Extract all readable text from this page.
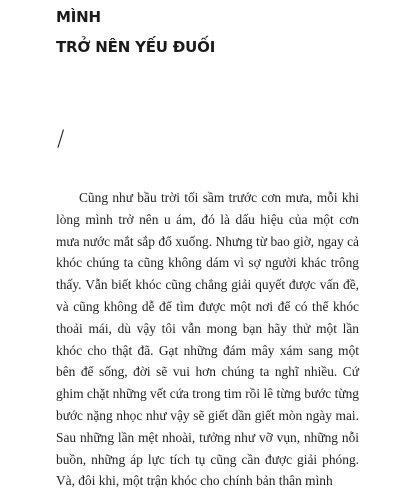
MÌNH
TRỞ NÊN YẾU ĐUỐI
/

Cũng như bầu trời tối sầm trước cơn mưa, mỗi khi lòng mình trở nên u ám, đó là dấu hiệu của một cơn mưa nước mắt sắp đổ xuống. Nhưng từ bao giờ, ngay cả khóc chúng ta cũng không dám vì sợ người khác trông thấy. Vẫn biết khóc cũng chẳng giải quyết được vấn đề, và cũng không dễ để tìm được một nơi để có thể khóc thoải mái, dù vậy tôi vẫn mong bạn hãy thử một lần khóc cho thật đã. Gạt những đám mây xám sang một bên để sống, đời sẽ vui hơn chúng ta nghĩ nhiều. Cứ ghim chặt những vết cứa trong tim rồi lê từng bước từng bước nặng nhọc như vậy sẽ giết dần giết mòn ngày mai. Sau những lần mệt nhoài, tưởng như vỡ vụn, những nỗi buồn, những áp lực tích tụ cũng cần được giải phóng. Và, đôi khi, một trận khóc cho chính bản thân mình
